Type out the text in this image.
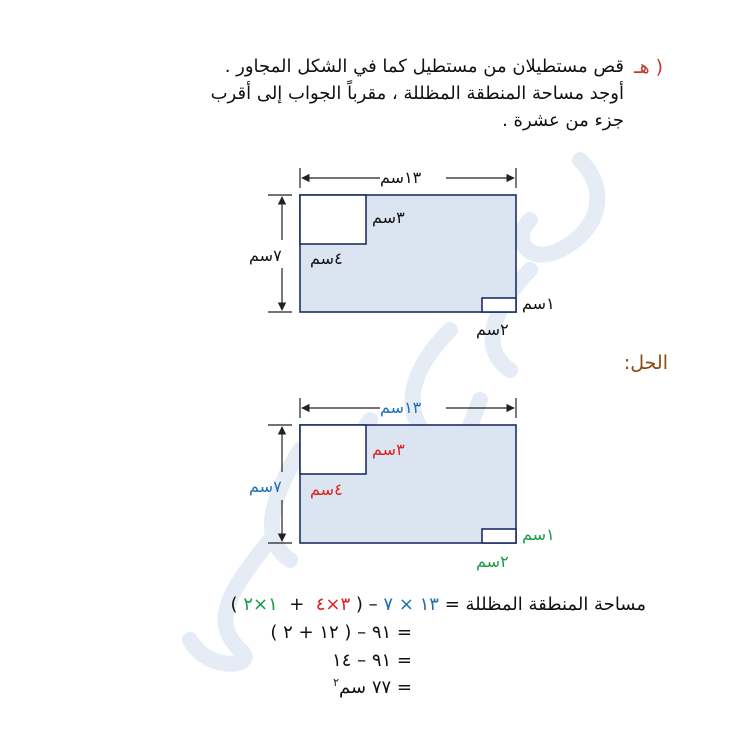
هـ )
قص مستطيلان من مستطيل كما في الشكل المجاور .
أوجد مساحة المنطقة المظللة ، مقرباً الجواب إلى أقرب
جزء من عشرة .
١٣سم
٧سم
٣سم
٤سم
١سم
٢سم
الحل:
١٣سم
٧سم
٣سم
٤سم
١سم
٢سم
مساحة المنطقة المظللة = ١٣ × ٧ – ( ٣×٤  +  ١×٢ )
= ٩١ – ( ١٢ + ٢ )
= ٩١ – ١٤
= ٧٧ سم$^٢$
